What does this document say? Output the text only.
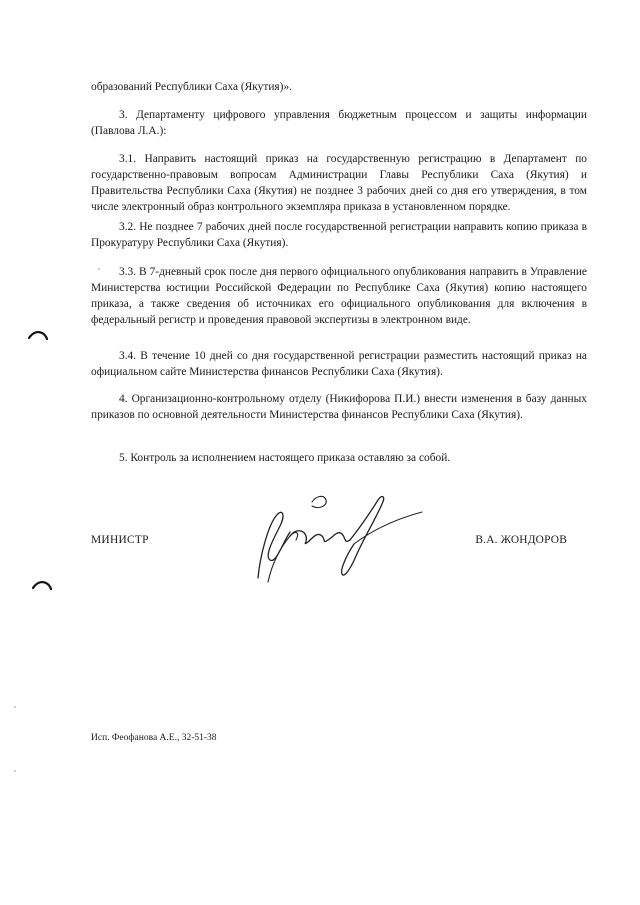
образований Республики Саха (Якутия)».

3. Департаменту цифрового управления бюджетным процессом и защиты информации (Павлова Л.А.):

3.1. Направить настоящий приказ на государственную регистрацию в Департамент по государственно-правовым вопросам Администрации Главы Республики Саха (Якутия) и Правительства Республики Саха (Якутия) не позднее 3 рабочих дней со дня его утверждения, в том числе электронный образ контрольного экземпляра приказа в установленном порядке.

3.2. Не позднее 7 рабочих дней после государственной регистрации направить копию приказа в Прокуратуру Республики Саха (Якутия).

3.3. В 7-дневный срок после дня первого официального опубликования направить в Управление Министерства юстиции Российской Федерации по Республике Саха (Якутия) копию настоящего приказа, а также сведения об источниках его официального опубликования для включения в федеральный регистр и проведения правовой экспертизы в электронном виде.

3.4. В течение 10 дней со дня государственной регистрации разместить настоящий приказ на официальном сайте Министерства финансов Республики Саха (Якутия).

4. Организационно-контрольному отделу (Никифорова П.И.) внести изменения в базу данных приказов по основной деятельности Министерства финансов Республики Саха (Якутия).

5. Контроль за исполнением настоящего приказа оставляю за собой.

МИНИСТР	В.А. ЖОНДОРОВ
Исп. Феофанова А.Е., 32-51-38
